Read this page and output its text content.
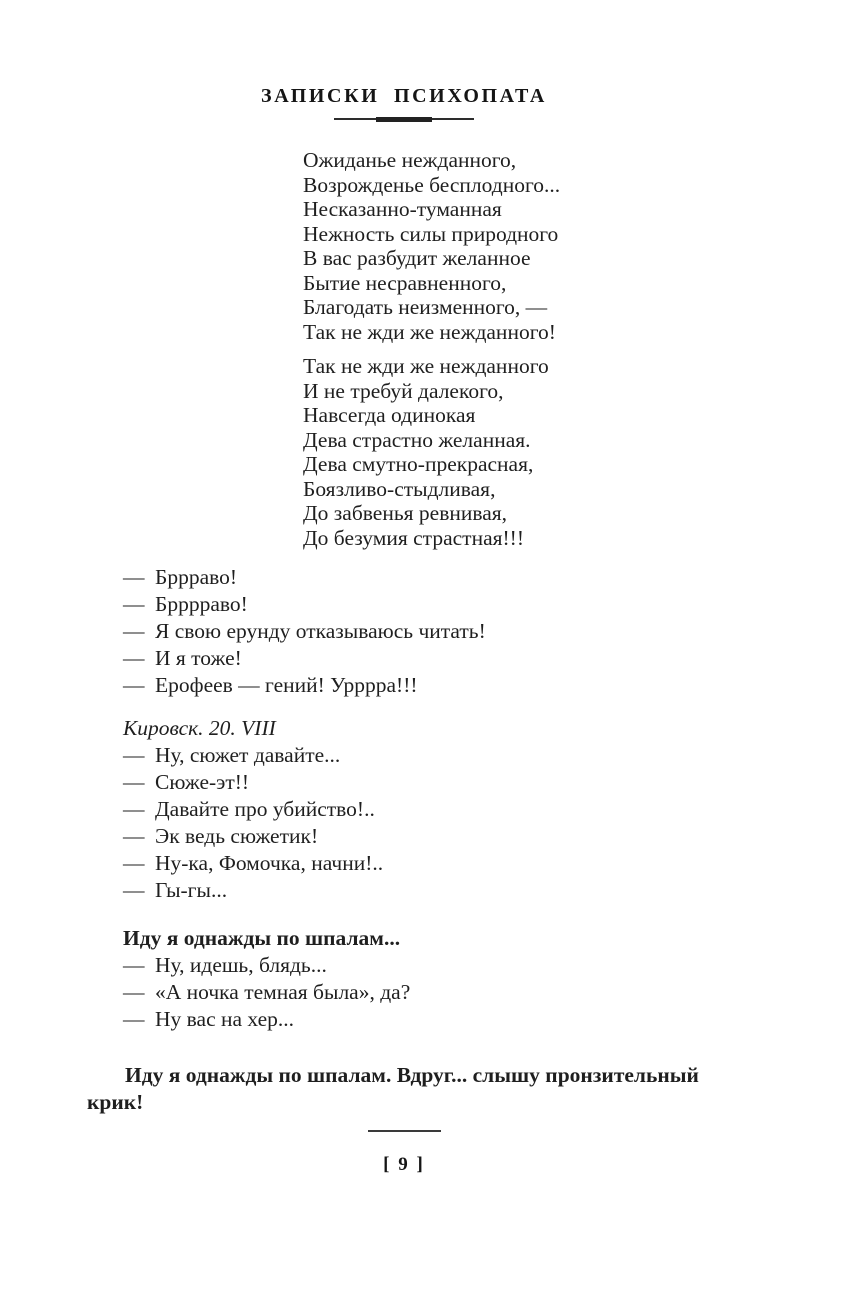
ЗАПИСКИ ПСИХОПАТА
Ожиданье нежданного,
Возрожденье бесплодного...
Несказанно-туманная
Нежность силы природного
В вас разбудит желанное
Бытие несравненного,
Благодать неизменного, —
Так не жди же нежданного!
Так не жди же нежданного
И не требуй далекого,
Навсегда одинокая
Дева страстно желанная.
Дева смутно-прекрасная,
Боязливо-стыдливая,
До забвенья ревнивая,
До безумия страстная!!!
— Брррaво!
— Бррррaво!
— Я свою ерунду отказываюсь читать!
— И я тоже!
— Ерофеев — гений! Урррра!!!
Кировск. 20. VIII
— Ну, сюжет давайте...
— Сюже-эт!!
— Давайте про убийство!..
— Эк ведь сюжетик!
— Ну-ка, Фомочка, начни!..
— Гы-гы...
Иду я однажды по шпалам...
— Ну, идешь, блядь...
— «А ночка темная была», да?
— Ну вас на хер...
Иду я однажды по шпалам. Вдруг... слышу пронзительный крик!
[ 9 ]
